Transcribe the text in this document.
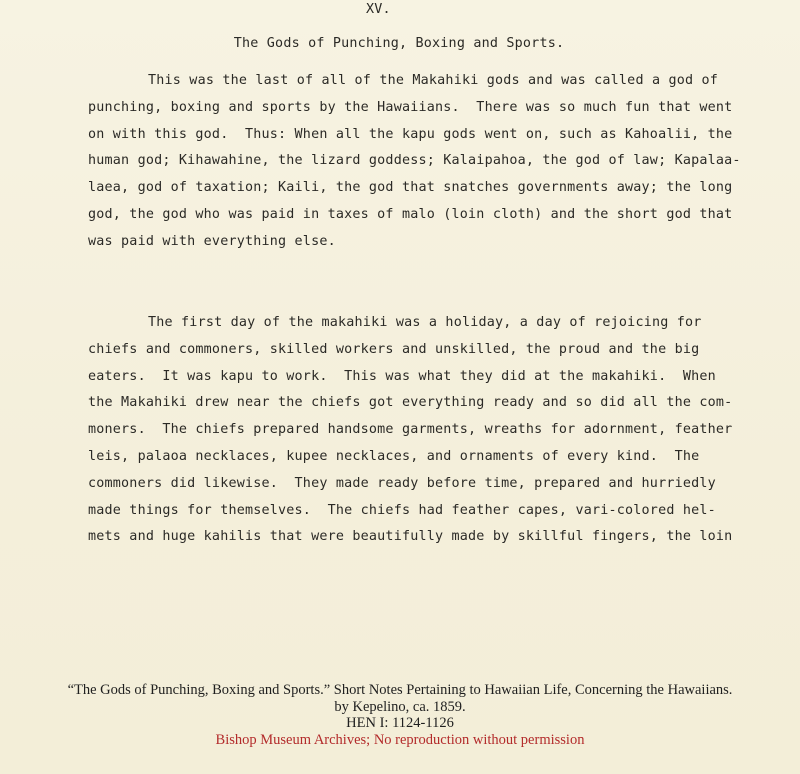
XV.
The Gods of Punching, Boxing and Sports.
This was the last of all of the Makahiki gods and was called a god of
punching, boxing and sports by the Hawaiians.  There was so much fun that went
on with this god.  Thus: When all the kapu gods went on, such as Kahoalii, the
human god; Kihawahine, the lizard goddess; Kalaipahoa, the god of law; Kapalaa-
laea, god of taxation; Kaili, the god that snatches governments away; the long
god, the god who was paid in taxes of malo (loin cloth) and the short god that
was paid with everything else.
The first day of the makahiki was a holiday, a day of rejoicing for
chiefs and commoners, skilled workers and unskilled, the proud and the big
eaters.  It was kapu to work.  This was what they did at the makahiki.  When
the Makahiki drew near the chiefs got everything ready and so did all the com-
moners.  The chiefs prepared handsome garments, wreaths for adornment, feather
leis, palaoa necklaces, kupee necklaces, and ornaments of every kind.  The
commoners did likewise.  They made ready before time, prepared and hurriedly
made things for themselves.  The chiefs had feather capes, vari-colored hel-
mets and huge kahilis that were beautifully made by skillful fingers, the loin
“The Gods of Punching, Boxing and Sports.” Short Notes Pertaining to Hawaiian Life, Concerning the Hawaiians.
by Kepelino, ca. 1859.
HEN I: 1124-1126
Bishop Museum Archives; No reproduction without permission
